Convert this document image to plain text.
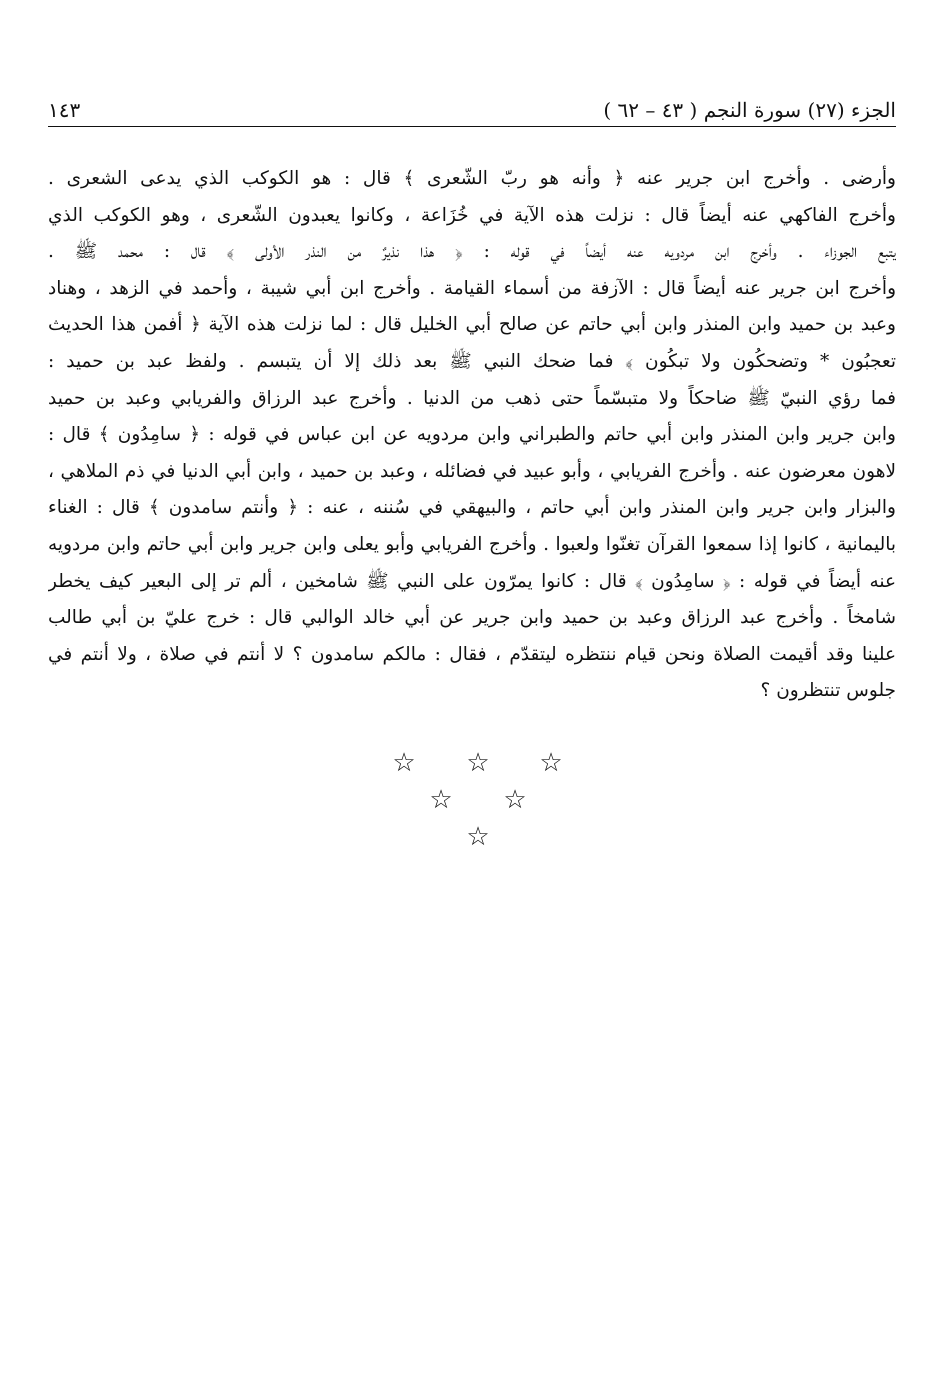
الجزء (٢٧) سورة النجم ( ٤٣ – ٦٢ )
١٤٣
وأرضى . وأخرج ابن جرير عنه ﴿ وأنه هو ربّ الشّعرى ﴾ قال : هو الكوكب الذي يدعى الشعرى .
وأخرج الفاكهي عنه أيضاً قال : نزلت هذه الآية في خُزَاعة ، وكانوا يعبدون الشّعرى ، وهو الكوكب الذي
يتبع الجوزاء . وأخرج ابن مردويه عنه أيضاً في قوله : ﴿ هذا نذيرٌ من النذر الأولى ﴾ قال : محمد ﷺ .
وأخرج ابن جرير عنه أيضاً قال : الآزفة من أسماء القيامة . وأخرج ابن أبي شيبة ، وأحمد في الزهد ، وهناد
وعبد بن حميد وابن المنذر وابن أبي حاتم عن صالح أبي الخليل قال : لما نزلت هذه الآية ﴿ أفمن هذا الحديث
تعجبُون * وتضحكُون ولا تبكُون ﴾ فما ضحك النبي ﷺ بعد ذلك إلا أن يتبسم . ولفظ عبد بن حميد :
فما رؤي النبيّ ﷺ ضاحكاً ولا متبسّماً حتى ذهب من الدنيا . وأخرج عبد الرزاق والفريابي وعبد بن حميد
وابن جرير وابن المنذر وابن أبي حاتم والطبراني وابن مردويه عن ابن عباس في قوله : ﴿ سامِدُون ﴾ قال :
لاهون معرضون عنه . وأخرج الفريابي ، وأبو عبيد في فضائله ، وعبد بن حميد ، وابن أبي الدنيا في ذم الملاهي ،
والبزار وابن جرير وابن المنذر وابن أبي حاتم ، والبيهقي في سُننه ، عنه : ﴿ وأنتم سامدون ﴾ قال : الغناء
باليمانية ، كانوا إذا سمعوا القرآن تغنّوا ولعبوا . وأخرج الفريابي وأبو يعلى وابن جرير وابن أبي حاتم وابن مردويه
عنه أيضاً في قوله : ﴿ سامِدُون ﴾ قال : كانوا يمرّون على النبي ﷺ شامخين ، ألم تر إلى البعير كيف يخطر
شامخاً . وأخرج عبد الرزاق وعبد بن حميد وابن جرير عن أبي خالد الوالبي قال : خرج عليّ بن أبي طالب
علينا وقد أقيمت الصلاة ونحن قيام ننتظره ليتقدّم ، فقال : مالكم سامدون ؟ لا أنتم في صلاة ، ولا أنتم في
جلوس تنتظرون ؟
☆ ☆ ☆
☆ ☆
☆
